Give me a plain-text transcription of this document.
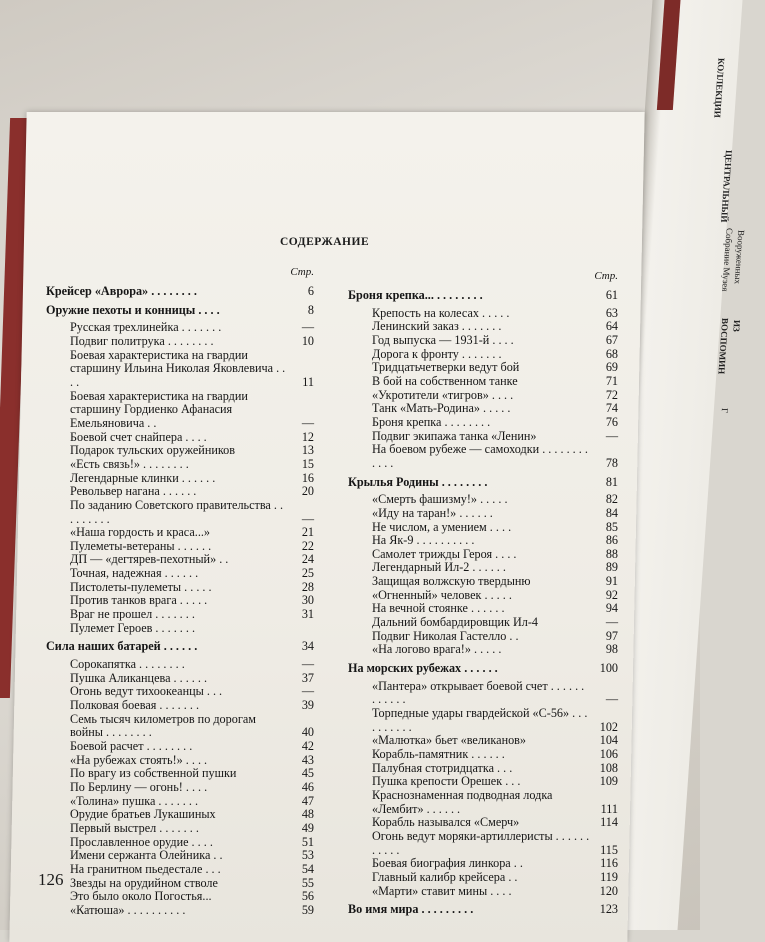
КОЛЛЕКЦИИ
ЦЕНТРАЛЬНЫЙ
Собрание Музея
Вооруженных
ВОСПОМИН ИЗ
Г
СОДЕРЖАНИЕ
Стр.
Крейсер «Аврора» . . . . . . . .	6
Оружие пехоты и конницы . . . .	8
Русская трехлинейка . . . . . . .	—
Подвиг политрука . . . . . . . .	10
Боевая характеристика на гвардии старшину Ильина Николая Яковлевича . . . .	11
Боевая характеристика на гвардии старшину Гордиенко Афанасия Емельяновича . .	—
Боевой счет снайпера . . . .	12
Подарок тульских оружейников	13
«Есть связь!» . . . . . . . .	15
Легендарные клинки . . . . . .	16
Револьвер нагана . . . . . .	20
По заданию Советского правительства . . . . . . . . .	—
«Наша гордость и краса...»	21
Пулеметы-ветераны . . . . . .	22
ДП — «дегтярев-пехотный» . .	24
Точная, надежная . . . . . .	25
Пистолеты-пулеметы . . . . .	28
Против танков врага . . . . .	30
Враг не прошел . . . . . . .	31
Пулемет Героев . . . . . . .
Сила наших батарей . . . . . .	34
Сорокапятка . . . . . . . .	—
Пушка Аликанцева . . . . . .	37
Огонь ведут тихоокеанцы . . .	—
Полковая боевая . . . . . . .	39
Семь тысяч километров по дорогам войны . . . . . . . .	40
Боевой расчет . . . . . . . .	42
«На рубежах стоять!» . . . .	43
По врагу из собственной пушки	45
По Берлину — огонь! . . . .	46
«Толина» пушка . . . . . . .	47
Орудие братьев Лукашиных	48
Первый выстрел . . . . . . .	49
Прославленное орудие . . . .	51
Имени сержанта Олейника . .	53
На гранитном пьедестале . . .	54
Звезды на орудийном стволе	55
Это было около Погостья...	56
«Катюша» . . . . . . . . . .	59
Стр.
Броня крепка... . . . . . . . .	61
Крепость на колесах . . . . .	63
Ленинский заказ . . . . . . .	64
Год выпуска — 1931-й . . . .	67
Дорога к фронту . . . . . . .	68
Тридцатьчетверки ведут бой	69
В бой на собственном танке	71
«Укротители «тигров» . . . .	72
Танк «Мать-Родина» . . . . .	74
Броня крепка . . . . . . . .	76
Подвиг экипажа танка «Ленин»	—
На боевом рубеже — самоходки . . . . . . . . . . . .	78
Крылья Родины . . . . . . . .	81
«Смерть фашизму!» . . . . .	82
«Иду на таран!» . . . . . .	84
Не числом, а умением . . . .	85
На Як-9 . . . . . . . . . .	86
Самолет трижды Героя . . . .	88
Легендарный Ил-2 . . . . . .	89
Защищая волжскую твердыню	91
«Огненный» человек . . . . .	92
На вечной стоянке . . . . . .	94
Дальний бомбардировщик Ил-4	—
Подвиг Николая Гастелло . .	97
«На логово врага!» . . . . .	98
На морских рубежах . . . . . .	100
«Пантера» открывает боевой счет . . . . . . . . . . . .	—
Торпедные удары гвардейской «С-56» . . . . . . . . . .	102
«Малютка» бьет «великанов»	104
Корабль-памятник . . . . . .	106
Палубная стотридцатка . . .	108
Пушка крепости Орешек . . .	109
Краснознаменная подводная лодка «Лембит» . . . . . .	111
Корабль назывался «Смерч»	114
Огонь ведут моряки-артиллеристы . . . . . . . . . . .	115
Боевая биография линкора . .	116
Главный калибр крейсера . .	119
«Марти» ставит мины . . . .	120
Во имя мира . . . . . . . . .	123
126
